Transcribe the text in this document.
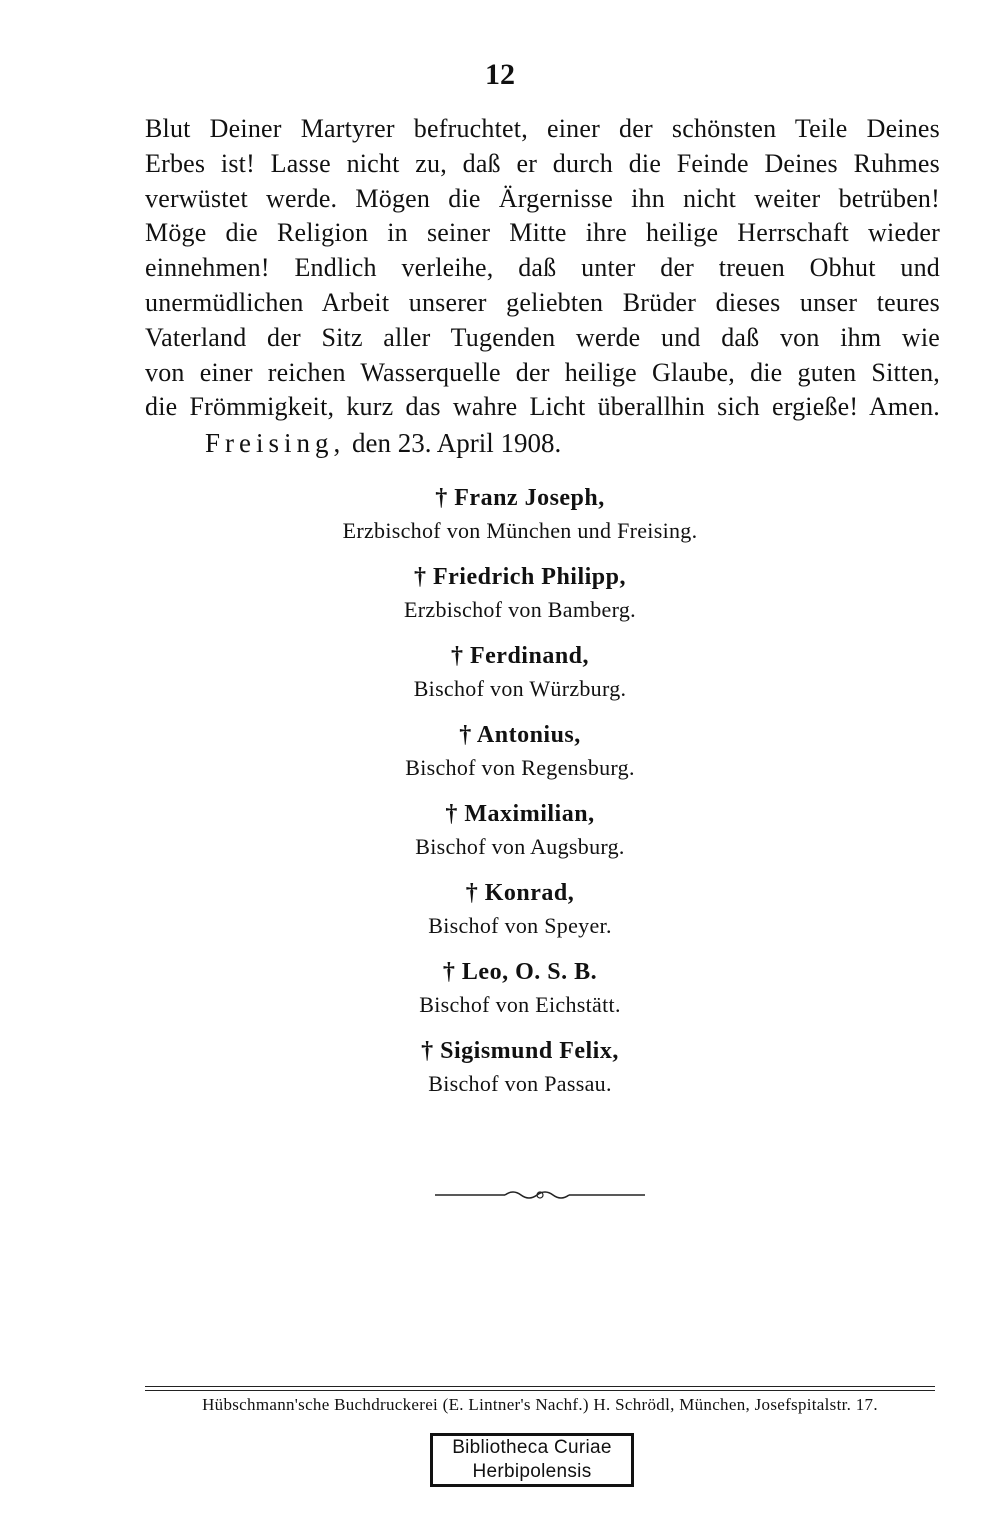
12
Blut Deiner Martyrer befruchtet, einer der schönsten Teile Deines
Erbes ist! Lasse nicht zu, daß er durch die Feinde Deines Ruhmes
verwüstet werde. Mögen die Ärgernisse ihn nicht weiter betrüben!
Möge die Religion in seiner Mitte ihre heilige Herrschaft wieder
einnehmen! Endlich verleihe, daß unter der treuen Obhut und
unermüdlichen Arbeit unserer geliebten Brüder dieses unser teures
Vaterland der Sitz aller Tugenden werde und daß von ihm wie
von einer reichen Wasserquelle der heilige Glaube, die guten Sitten,
die Frömmigkeit, kurz das wahre Licht überallhin sich ergieße! Amen.
Freising, den 23. April 1908.
† Franz Joseph,
Erzbischof von München und Freising.
† Friedrich Philipp,
Erzbischof von Bamberg.
† Ferdinand,
Bischof von Würzburg.
† Antonius,
Bischof von Regensburg.
† Maximilian,
Bischof von Augsburg.
† Konrad,
Bischof von Speyer.
† Leo, O. S. B.
Bischof von Eichstätt.
† Sigismund Felix,
Bischof von Passau.
Hübschmann'sche Buchdruckerei (E. Lintner's Nachf.) H. Schrödl, München, Josefspitalstr. 17.
Bibliotheca Curiae
Herbipolensis
